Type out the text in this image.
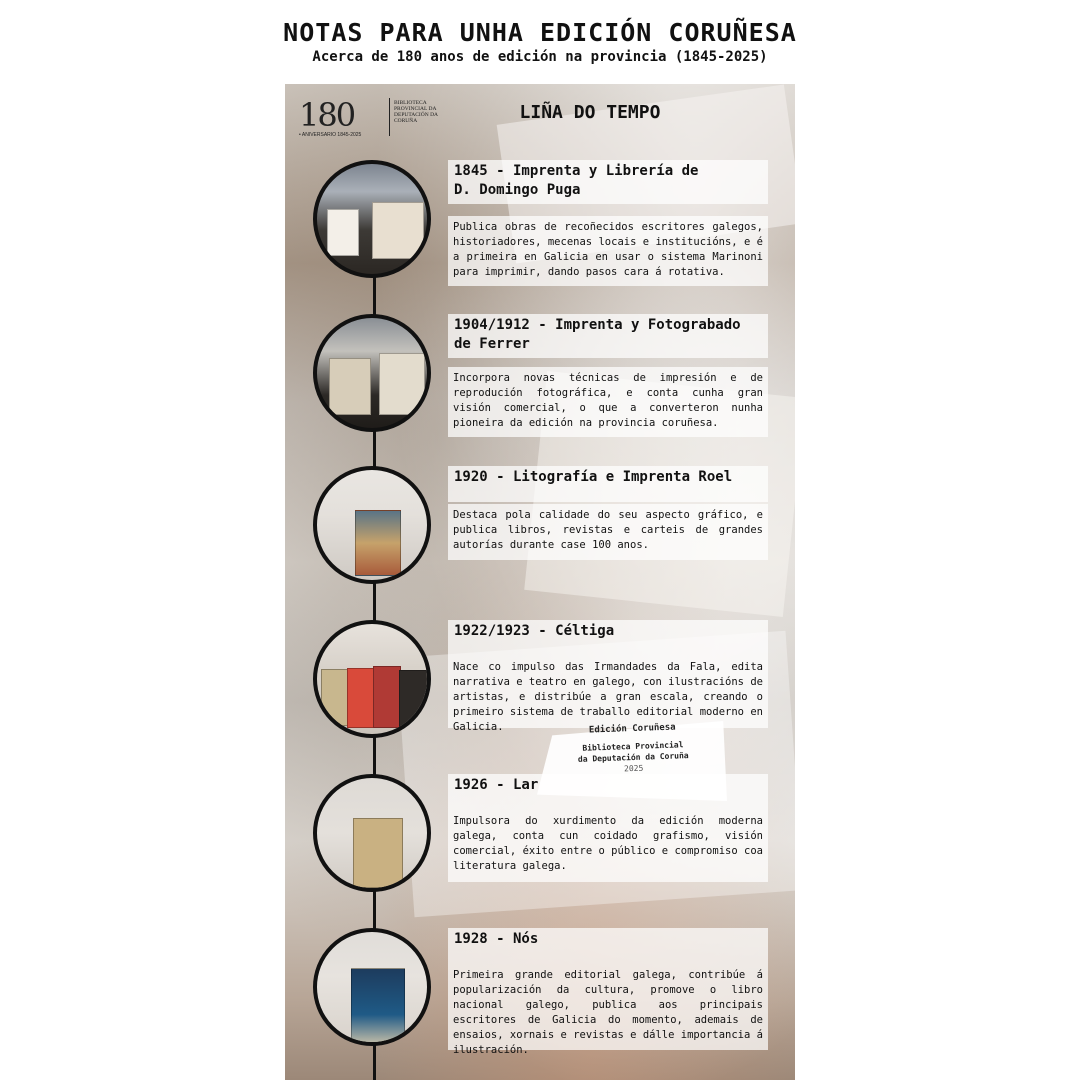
NOTAS PARA UNHA EDICIÓN CORUÑESA
Acerca de 180 anos de edición na provincia (1845-2025)
180
• ANIVERSARIO 1845-2025
BIBLIOTECA PROVINCIAL DA DEPUTACIÓN DA CORUÑA	LIÑA DO TEMPO
1845 - Imprenta y Librería de
D. Domingo Puga
Publica obras de recoñecidos escritores galegos, historiadores, mecenas locais e institucións, e é a primeira en Galicia en usar o sistema Marinoni para imprimir, dando pasos cara á rotativa.
1904/1912 - Imprenta y Fotograbado
de Ferrer
Incorpora novas técnicas de impresión e de reprodución fotográfica, e conta cunha gran visión comercial, o que a converteron nunha pioneira da edición na provincia coruñesa.
1920 - Litografía e Imprenta Roel
Destaca pola calidade do seu aspecto gráfico, e publica libros, revistas e carteis de grandes autorías durante case 100 anos.
1922/1923 - Céltiga
Nace co impulso das Irmandades da Fala, edita narrativa e teatro en galego, con ilustracións de artistas, e distribúe a gran escala, creando o primeiro sistema de traballo editorial moderno en Galicia.	Edición Coruñesa
Biblioteca Provincial
da Deputación da Coruña
2025
1926 - Lar
Impulsora do xurdimento da edición moderna galega, conta cun coidado grafismo, visión comercial, éxito entre o público e compromiso coa literatura galega.
1928 - Nós
Primeira grande editorial galega, contribúe á popularización da cultura, promove o libro nacional galego, publica aos principais escritores de Galicia do momento, ademais de ensaios, xornais e revistas e dálle importancia á ilustración.
